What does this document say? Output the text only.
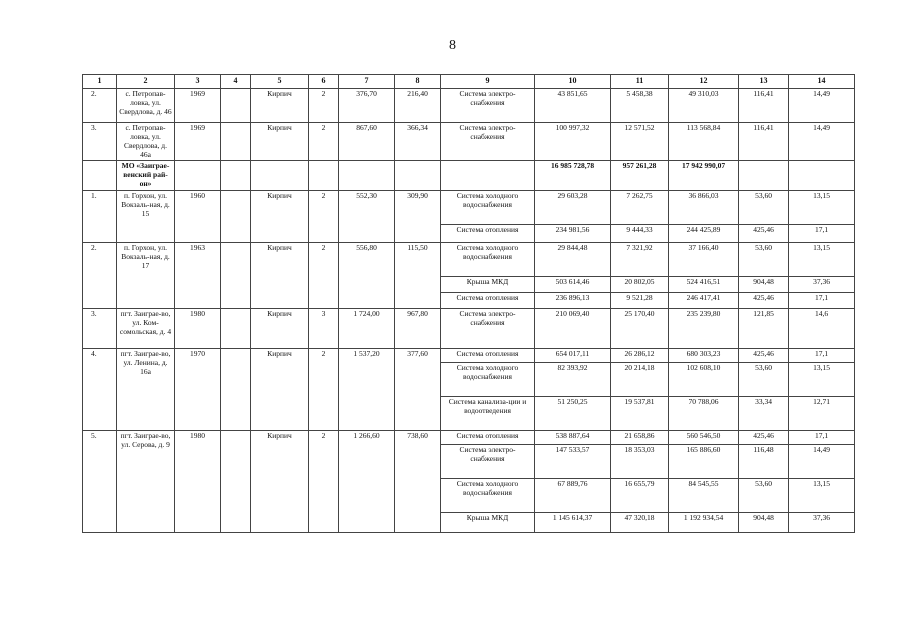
8
1	2	3	4	5	6	7	8	9	10	11	12	13	14
2.	с. Петропав-ловка, ул. Свердлова, д. 46	1969		Кирпич	2	376,70	216,40	Система электро-снабжения	43 851,65	5 458,38	49 310,03	116,41	14,49
3.	с. Петропав-ловка, ул. Свердлова, д. 46а	1969		Кирпич	2	867,60	366,34	Система электро-снабжения	100 997,32	12 571,52	113 568,84	116,41	14,49
	МО «Заиграе-венский рай-он»								16 985 728,78	957 261,28	17 942 990,07		
1.	п. Горхон, ул. Вокзаль-ная, д. 15	1960		Кирпич	2	552,30	309,90	Система холодного водоснабжения	29 603,28	7 262,75	36 866,03	53,60	13,15
								Система отопления	234 981,56	9 444,33	244 425,89	425,46	17,1
2.	п. Горхон, ул. Вокзаль-ная, д. 17	1963		Кирпич	2	556,80	115,50	Система холодного водоснабжения	29 844,48	7 321,92	37 166,40	53,60	13,15
								Крыша МКД	503 614,46	20 802,05	524 416,51	904,48	37,36
								Система отопления	236 896,13	9 521,28	246 417,41	425,46	17,1
3.	пгт. Заиграе-во, ул. Ком-сомольская, д. 4	1980		Кирпич	3	1 724,00	967,80	Система электро-снабжения	210 069,40	25 170,40	235 239,80	121,85	14,6
4.	пгт. Заиграе-во, ул. Ленина, д. 16а	1970		Кирпич	2	1 537,20	377,60	Система отопления	654 017,11	26 286,12	680 303,23	425,46	17,1
								Система холодного водоснабжения	82 393,92	20 214,18	102 608,10	53,60	13,15
								Система канализа-ции и водоотведения	51 250,25	19 537,81	70 788,06	33,34	12,71
5.	пгт. Заиграе-во, ул. Серова, д. 9	1980		Кирпич	2	1 266,60	738,60	Система отопления	538 887,64	21 658,86	560 546,50	425,46	17,1
								Система электро-снабжения	147 533,57	18 353,03	165 886,60	116,48	14,49
								Система холодного водоснабжения	67 889,76	16 655,79	84 545,55	53,60	13,15
								Крыша МКД	1 145 614,37	47 320,18	1 192 934,54	904,48	37,36
